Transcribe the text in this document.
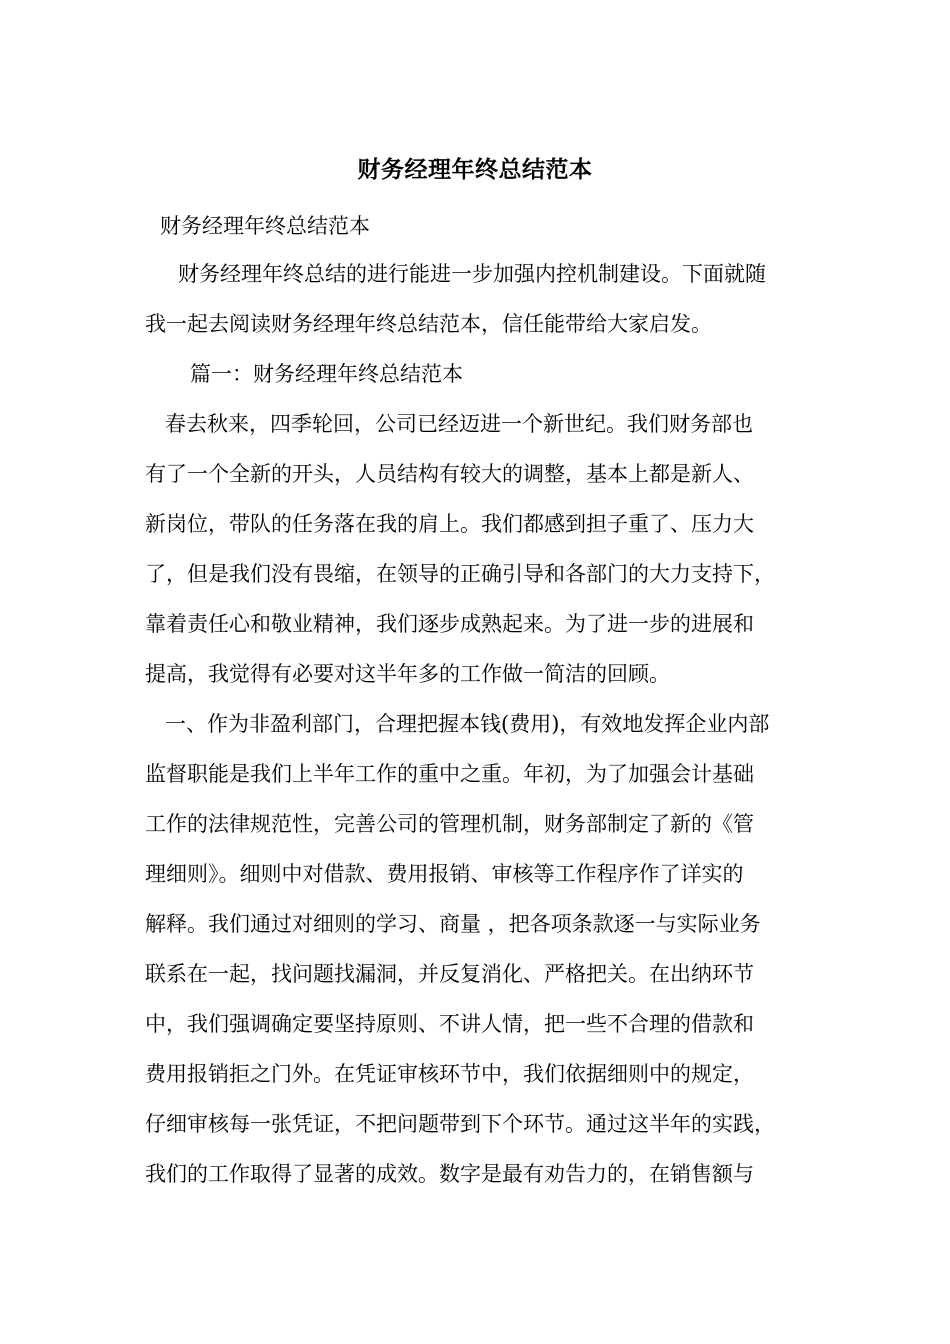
财务经理年终总结范本
财务经理年终总结范本
财务经理年终总结的进行能进一步加强内控机制建设。下面就随
我一起去阅读财务经理年终总结范本，信任能带给大家启发。
篇一：财务经理年终总结范本
春去秋来，四季轮回，公司已经迈进一个新世纪。我们财务部也
有了一个全新的开头，人员结构有较大的调整，基本上都是新人、
新岗位，带队的任务落在我的肩上。我们都感到担子重了、压力大
了，但是我们没有畏缩，在领导的正确引导和各部门的大力支持下，
靠着责任心和敬业精神，我们逐步成熟起来。为了进一步的进展和
提高，我觉得有必要对这半年多的工作做一简洁的回顾。
一、作为非盈利部门，合理把握本钱(费用)，有效地发挥企业内部
监督职能是我们上半年工作的重中之重。年初，为了加强会计基础
工作的法律规范性，完善公司的管理机制，财务部制定了新的《管
理细则》。细则中对借款、费用报销、审核等工作程序作了详实的
解释。我们通过对细则的学习、商量 ，把各项条款逐一与实际业务
联系在一起，找问题找漏洞，并反复消化、严格把关。在出纳环节
中，我们强调确定要坚持原则、不讲人情，把一些不合理的借款和
费用报销拒之门外。在凭证审核环节中，我们依据细则中的规定，
仔细审核每一张凭证，不把问题带到下个环节。通过这半年的实践，
我们的工作取得了显著的成效。数字是最有劝告力的，在销售额与
